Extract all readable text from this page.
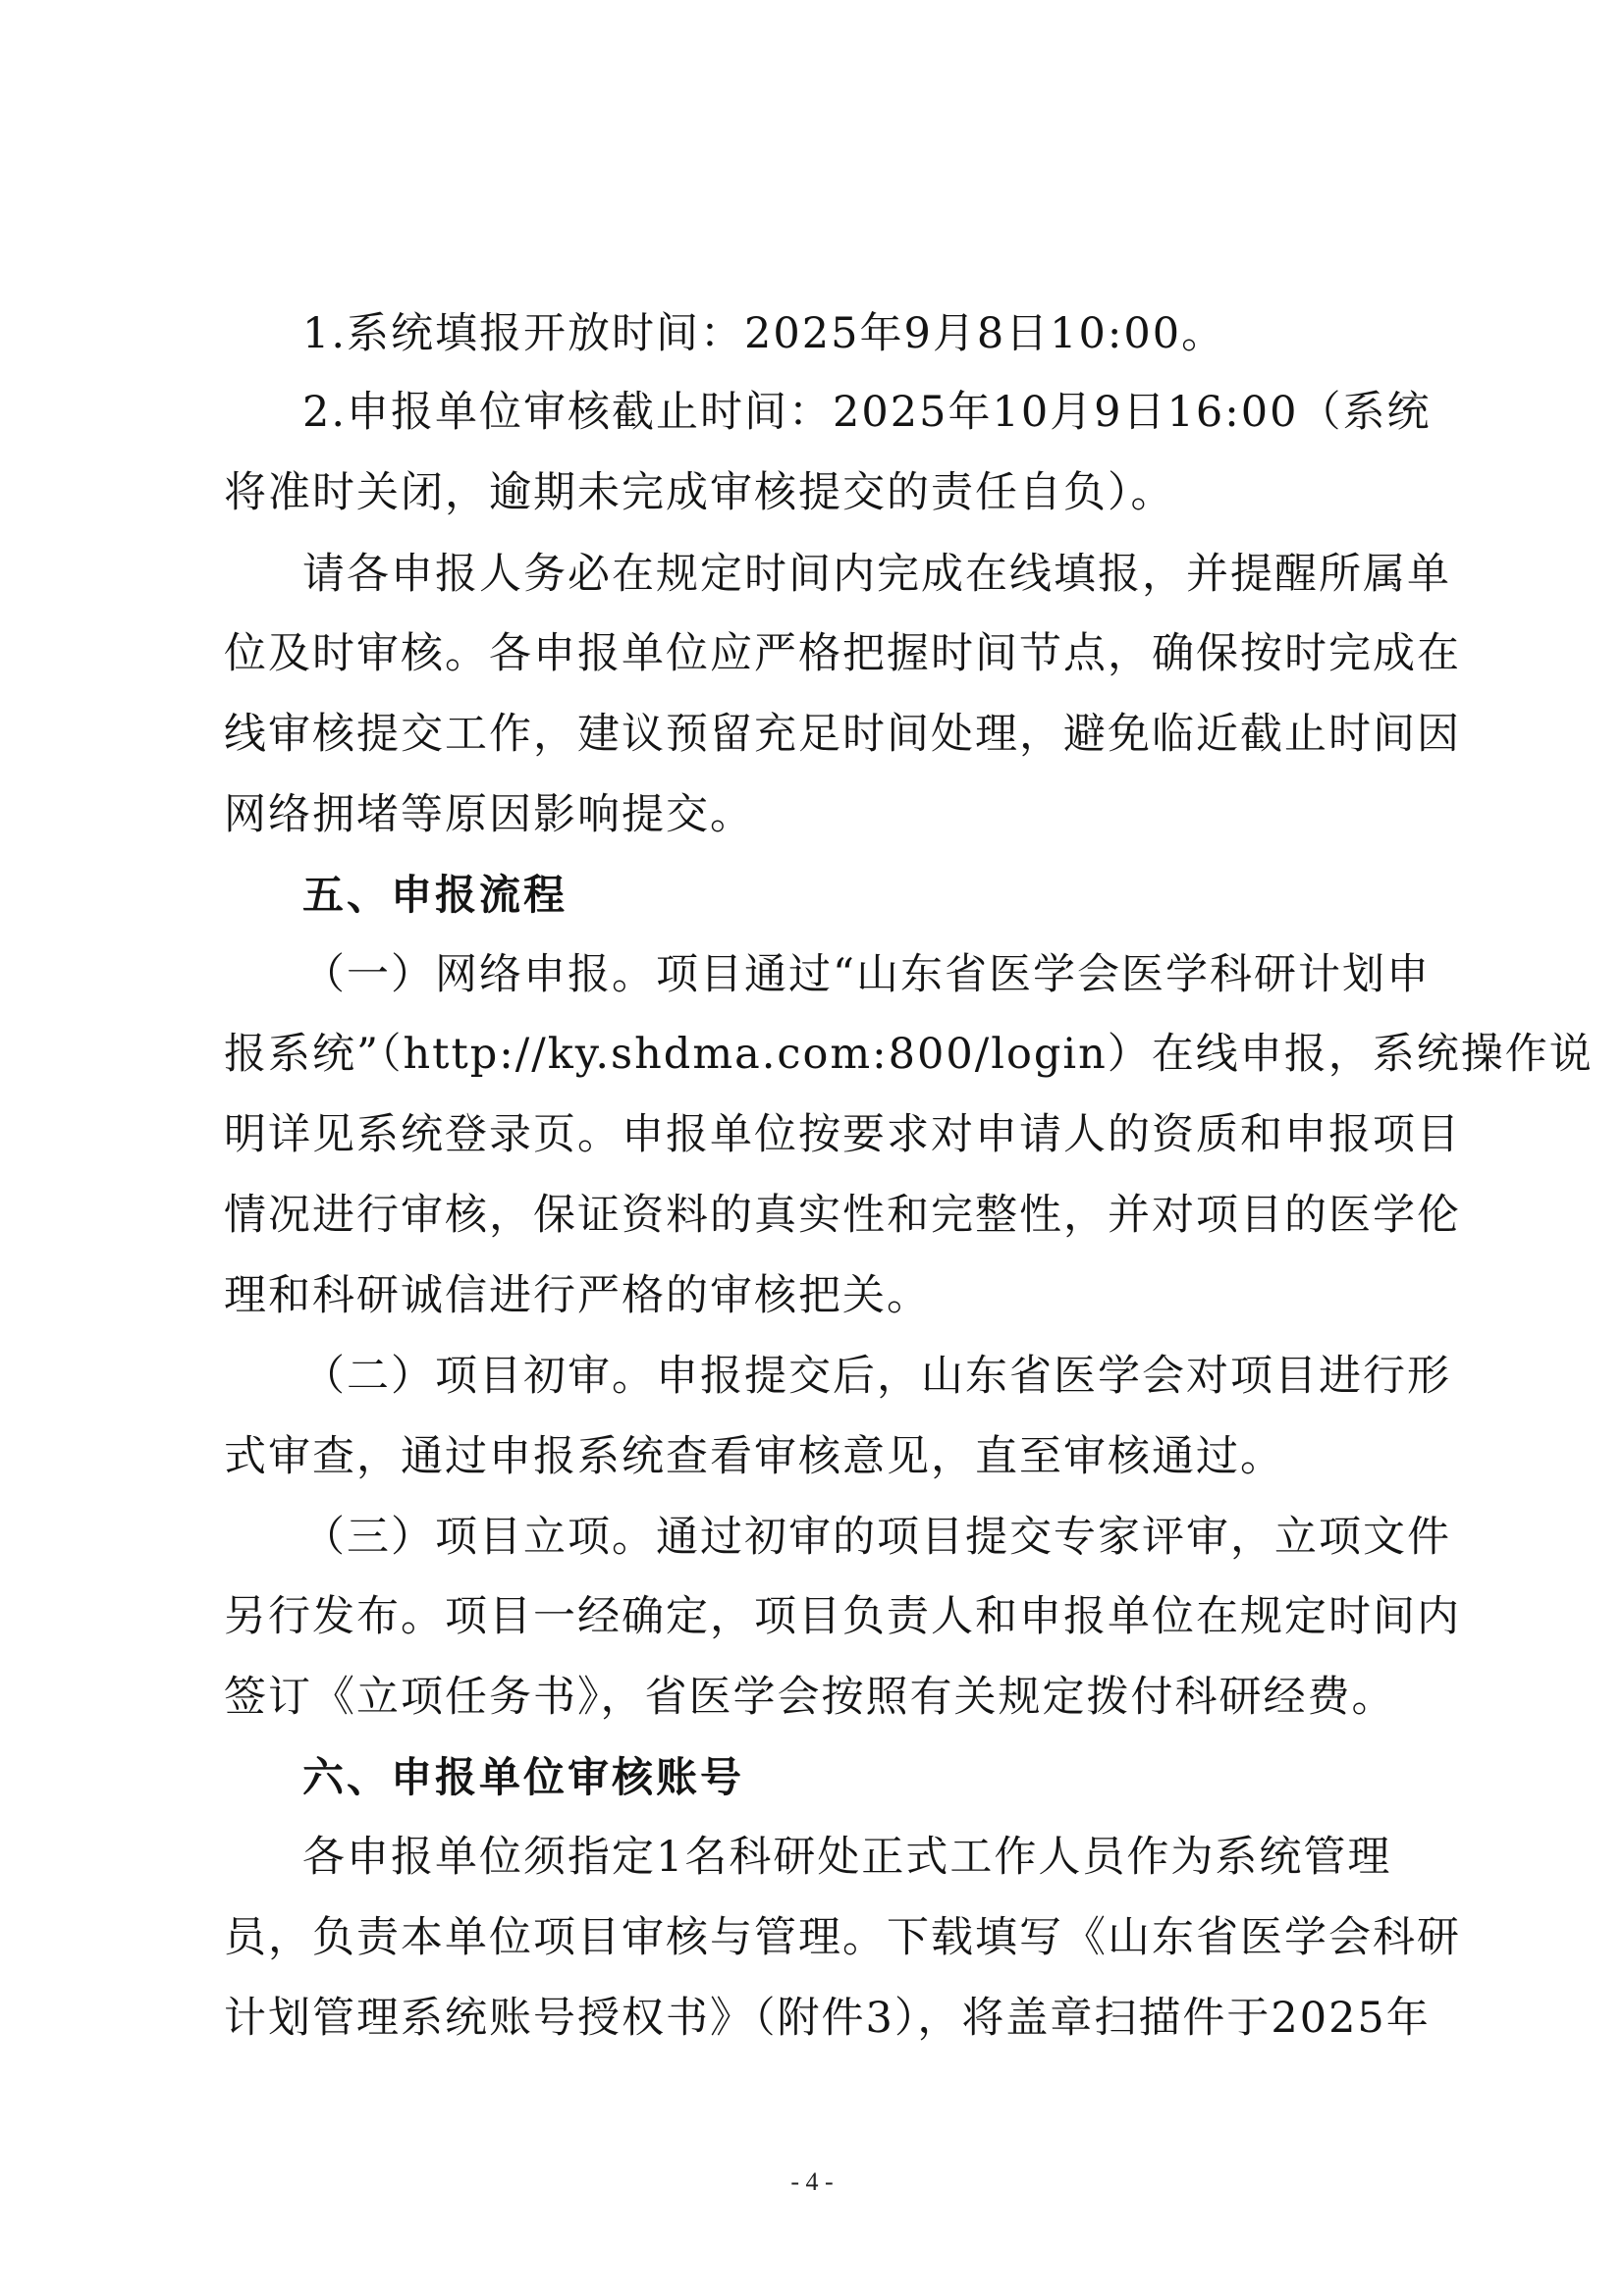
1.系统填报开放时间：2025年9月8日10:00。
2.申报单位审核截止时间：2025年10月9日16:00（系统
将准时关闭，逾期未完成审核提交的责任自负）。
请各申报人务必在规定时间内完成在线填报，并提醒所属单
位及时审核。各申报单位应严格把握时间节点，确保按时完成在
线审核提交工作，建议预留充足时间处理，避免临近截止时间因
网络拥堵等原因影响提交。
五、申报流程
（一）网络申报。项目通过“山东省医学会医学科研计划申
报系统”（http://ky.shdma.com:800/login）在线申报，系统操作说
明详见系统登录页。申报单位按要求对申请人的资质和申报项目
情况进行审核，保证资料的真实性和完整性，并对项目的医学伦
理和科研诚信进行严格的审核把关。
（二）项目初审。申报提交后，山东省医学会对项目进行形
式审查，通过申报系统查看审核意见，直至审核通过。
（三）项目立项。通过初审的项目提交专家评审，立项文件
另行发布。项目一经确定，项目负责人和申报单位在规定时间内
签订《立项任务书》，省医学会按照有关规定拨付科研经费。
六、申报单位审核账号
各申报单位须指定1名科研处正式工作人员作为系统管理
员，负责本单位项目审核与管理。下载填写《山东省医学会科研
计划管理系统账号授权书》（附件3），将盖章扫描件于2025年
- 4 -
